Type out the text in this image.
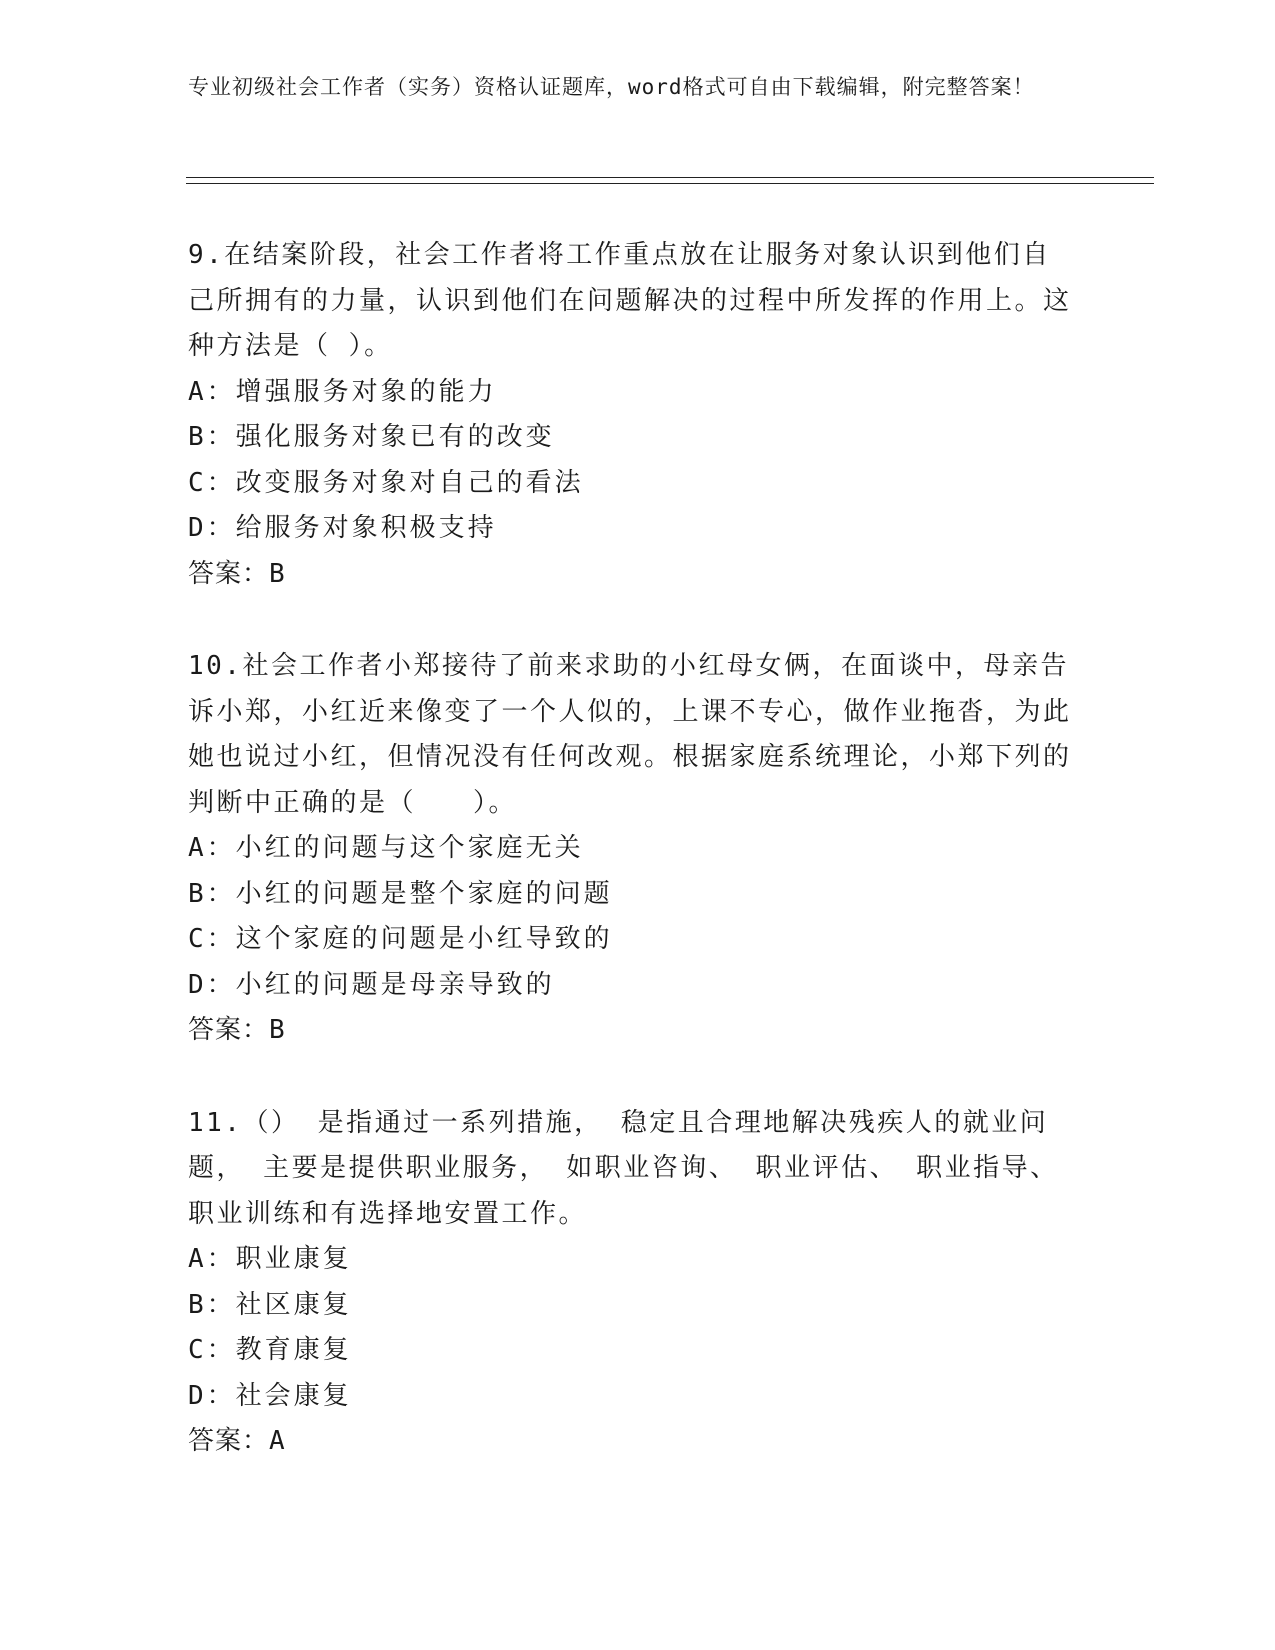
专业初级社会工作者（实务）资格认证题库，word格式可自由下载编辑，附完整答案！
9.在结案阶段，社会工作者将工作重点放在让服务对象认识到他们自己所拥有的力量，认识到他们在问题解决的过程中所发挥的作用上。这种方法是（ ）。
A：增强服务对象的能力
B：强化服务对象已有的改变
C：改变服务对象对自己的看法
D：给服务对象积极支持
答案：B
10.社会工作者小郑接待了前来求助的小红母女俩，在面谈中，母亲告诉小郑，小红近来像变了一个人似的，上课不专心，做作业拖沓，为此她也说过小红，但情况没有任何改观。根据家庭系统理论，小郑下列的判断中正确的是（　　）。
A：小红的问题与这个家庭无关
B：小红的问题是整个家庭的问题
C：这个家庭的问题是小红导致的
D：小红的问题是母亲导致的
答案：B
11.（） 是指通过一系列措施， 稳定且合理地解决残疾人的就业问题， 主要是提供职业服务， 如职业咨询、 职业评估、 职业指导、 职业训练和有选择地安置工作。
A：职业康复
B：社区康复
C：教育康复
D：社会康复
答案：A
